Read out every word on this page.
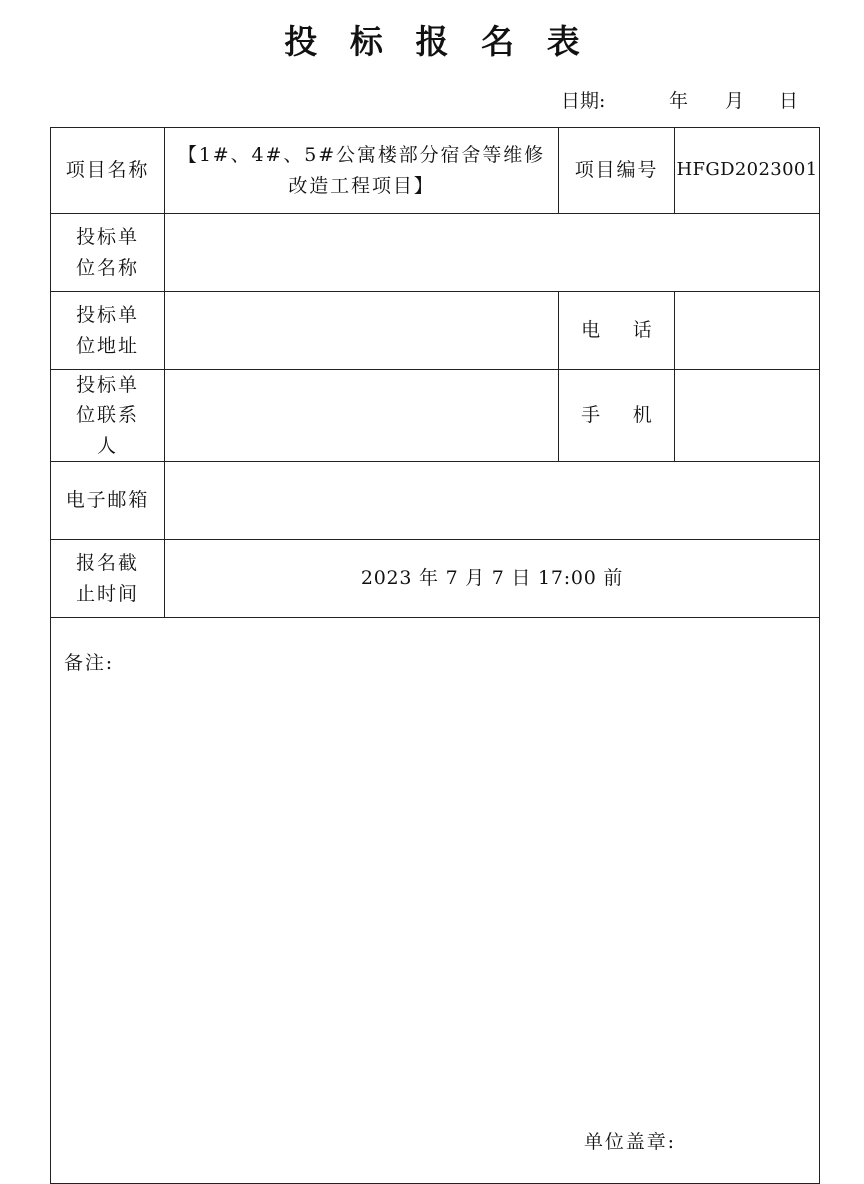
投 标 报 名 表
日期:	年 月 日
项目名称	【1#、4#、5#公寓楼部分宿舍等维修改造工程项目】	项目编号	HFGD2023001
投标单位名称			
投标单位地址		电 话	
投标单位联系人		手 机	
电子邮箱			
报名截止时间	2023 年 7 月 7 日 17:00 前		

备注:
单位盖章:			
